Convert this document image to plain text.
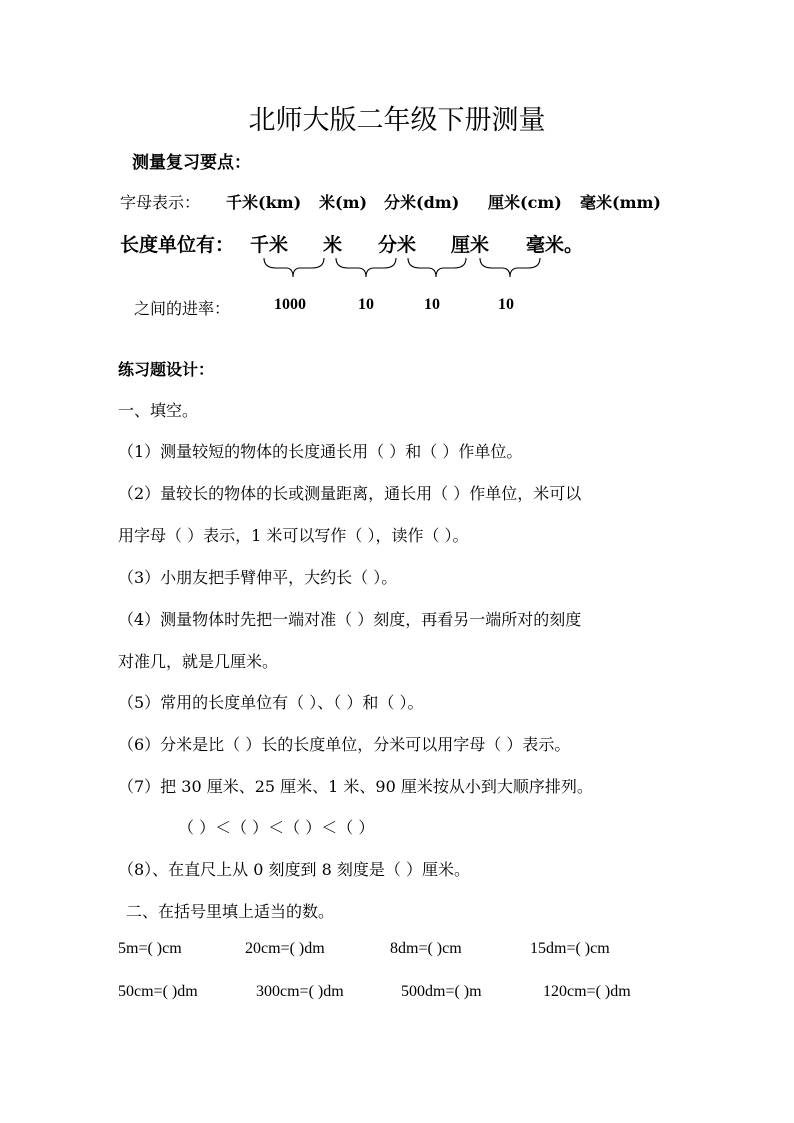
北师大版二年级下册测量
测量复习要点：
字母表示： 千米(km) 米(m) 分米(dm) 厘米(cm) 毫米(mm)
长度单位有： 千米 米 分米 厘米 毫米。
之间的进率：	1000	10	10	10
练习题设计：
一、填空。
（1）测量较短的物体的长度通长用（ ）和（ ）作单位。
（2）量较长的物体的长或测量距离，通长用（ ）作单位，米可以
用字母（ ）表示，1 米可以写作（ ），读作（ ）。
（3）小朋友把手臂伸平，大约长（ ）。
（4）测量物体时先把一端对准（ ）刻度，再看另一端所对的刻度
对准几，就是几厘米。
（5）常用的长度单位有（ ）、（ ）和（ ）。
（6）分米是比（ ）长的长度单位，分米可以用字母（ ）表示。
（7）把 30 厘米、25 厘米、1 米、90 厘米按从小到大顺序排列。
（ ）＜（ ）＜（ ）＜（ ）
（8）、在直尺上从 0 刻度到 8 刻度是（ ）厘米。
二、在括号里填上适当的数。
5m=( )cm	20cm=( )dm	8dm=( )cm	15dm=( )cm
50cm=( )dm	300cm=( )dm	500dm=( )m	120cm=( )dm
